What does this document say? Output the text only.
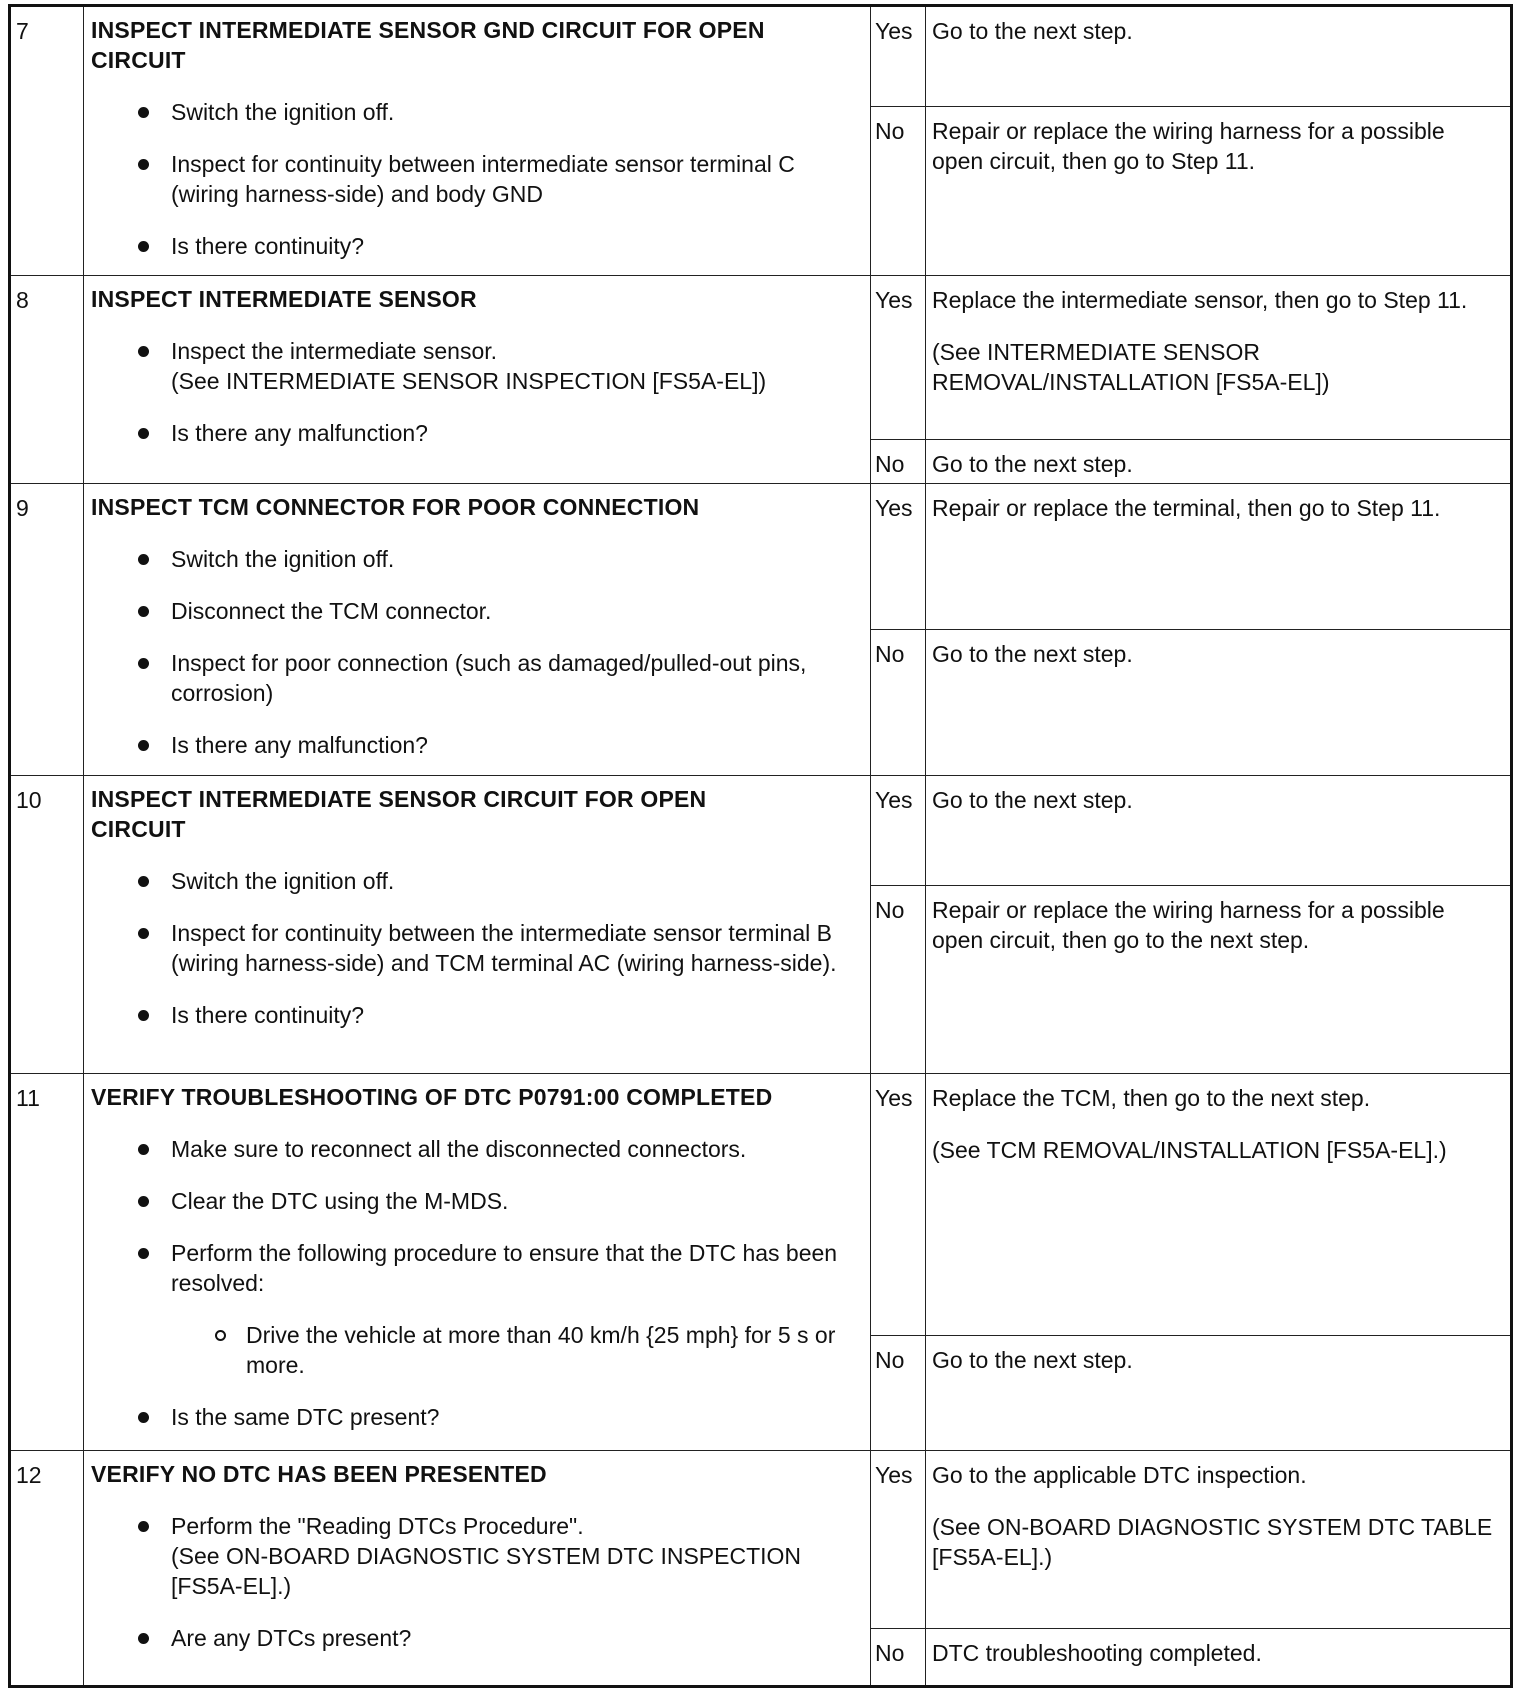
7	INSPECT INTERMEDIATE SENSOR GND CIRCUIT FOR OPEN
CIRCUIT
Switch the ignition off.
Inspect for continuity between intermediate sensor terminal C (wiring harness-side) and body GND
Is there continuity?
Yes Go to the next step.
No	Repair or replace the wiring harness for a possible open circuit, then go to Step 11.
8	INSPECT INTERMEDIATE SENSOR
Inspect the intermediate sensor.
(See INTERMEDIATE SENSOR INSPECTION [FS5A-EL])
Is there any malfunction?
Yes Replace the intermediate sensor, then go to Step 11.
(See INTERMEDIATE SENSOR REMOVAL/INSTALLATION [FS5A-EL])
No	Go to the next step.
9	INSPECT TCM CONNECTOR FOR POOR CONNECTION
Switch the ignition off.
Disconnect the TCM connector.
Inspect for poor connection (such as damaged/pulled-out pins, corrosion)
Is there any malfunction?
Yes Repair or replace the terminal, then go to Step 11.
No	Go to the next step.
10	INSPECT INTERMEDIATE SENSOR CIRCUIT FOR OPEN
CIRCUIT
Switch the ignition off.
Inspect for continuity between the intermediate sensor terminal B (wiring harness-side) and TCM terminal AC (wiring harness-side).
Is there continuity?
Yes Go to the next step.
No	Repair or replace the wiring harness for a possible open circuit, then go to the next step.
11	VERIFY TROUBLESHOOTING OF DTC P0791:00 COMPLETED
Make sure to reconnect all the disconnected connectors.
Clear the DTC using the M-MDS.
Perform the following procedure to ensure that the DTC has been resolved:
Drive the vehicle at more than 40 km/h {25 mph} for 5 s or more.
Is the same DTC present?
Yes Replace the TCM, then go to the next step.
(See TCM REMOVAL/INSTALLATION [FS5A-EL].)
No	Go to the next step.
12	VERIFY NO DTC HAS BEEN PRESENTED
Perform the "Reading DTCs Procedure".
(See ON-BOARD DIAGNOSTIC SYSTEM DTC INSPECTION [FS5A-EL].)
Are any DTCs present?
Yes Go to the applicable DTC inspection.
(See ON-BOARD DIAGNOSTIC SYSTEM DTC TABLE [FS5A-EL].)
No	DTC troubleshooting completed.
